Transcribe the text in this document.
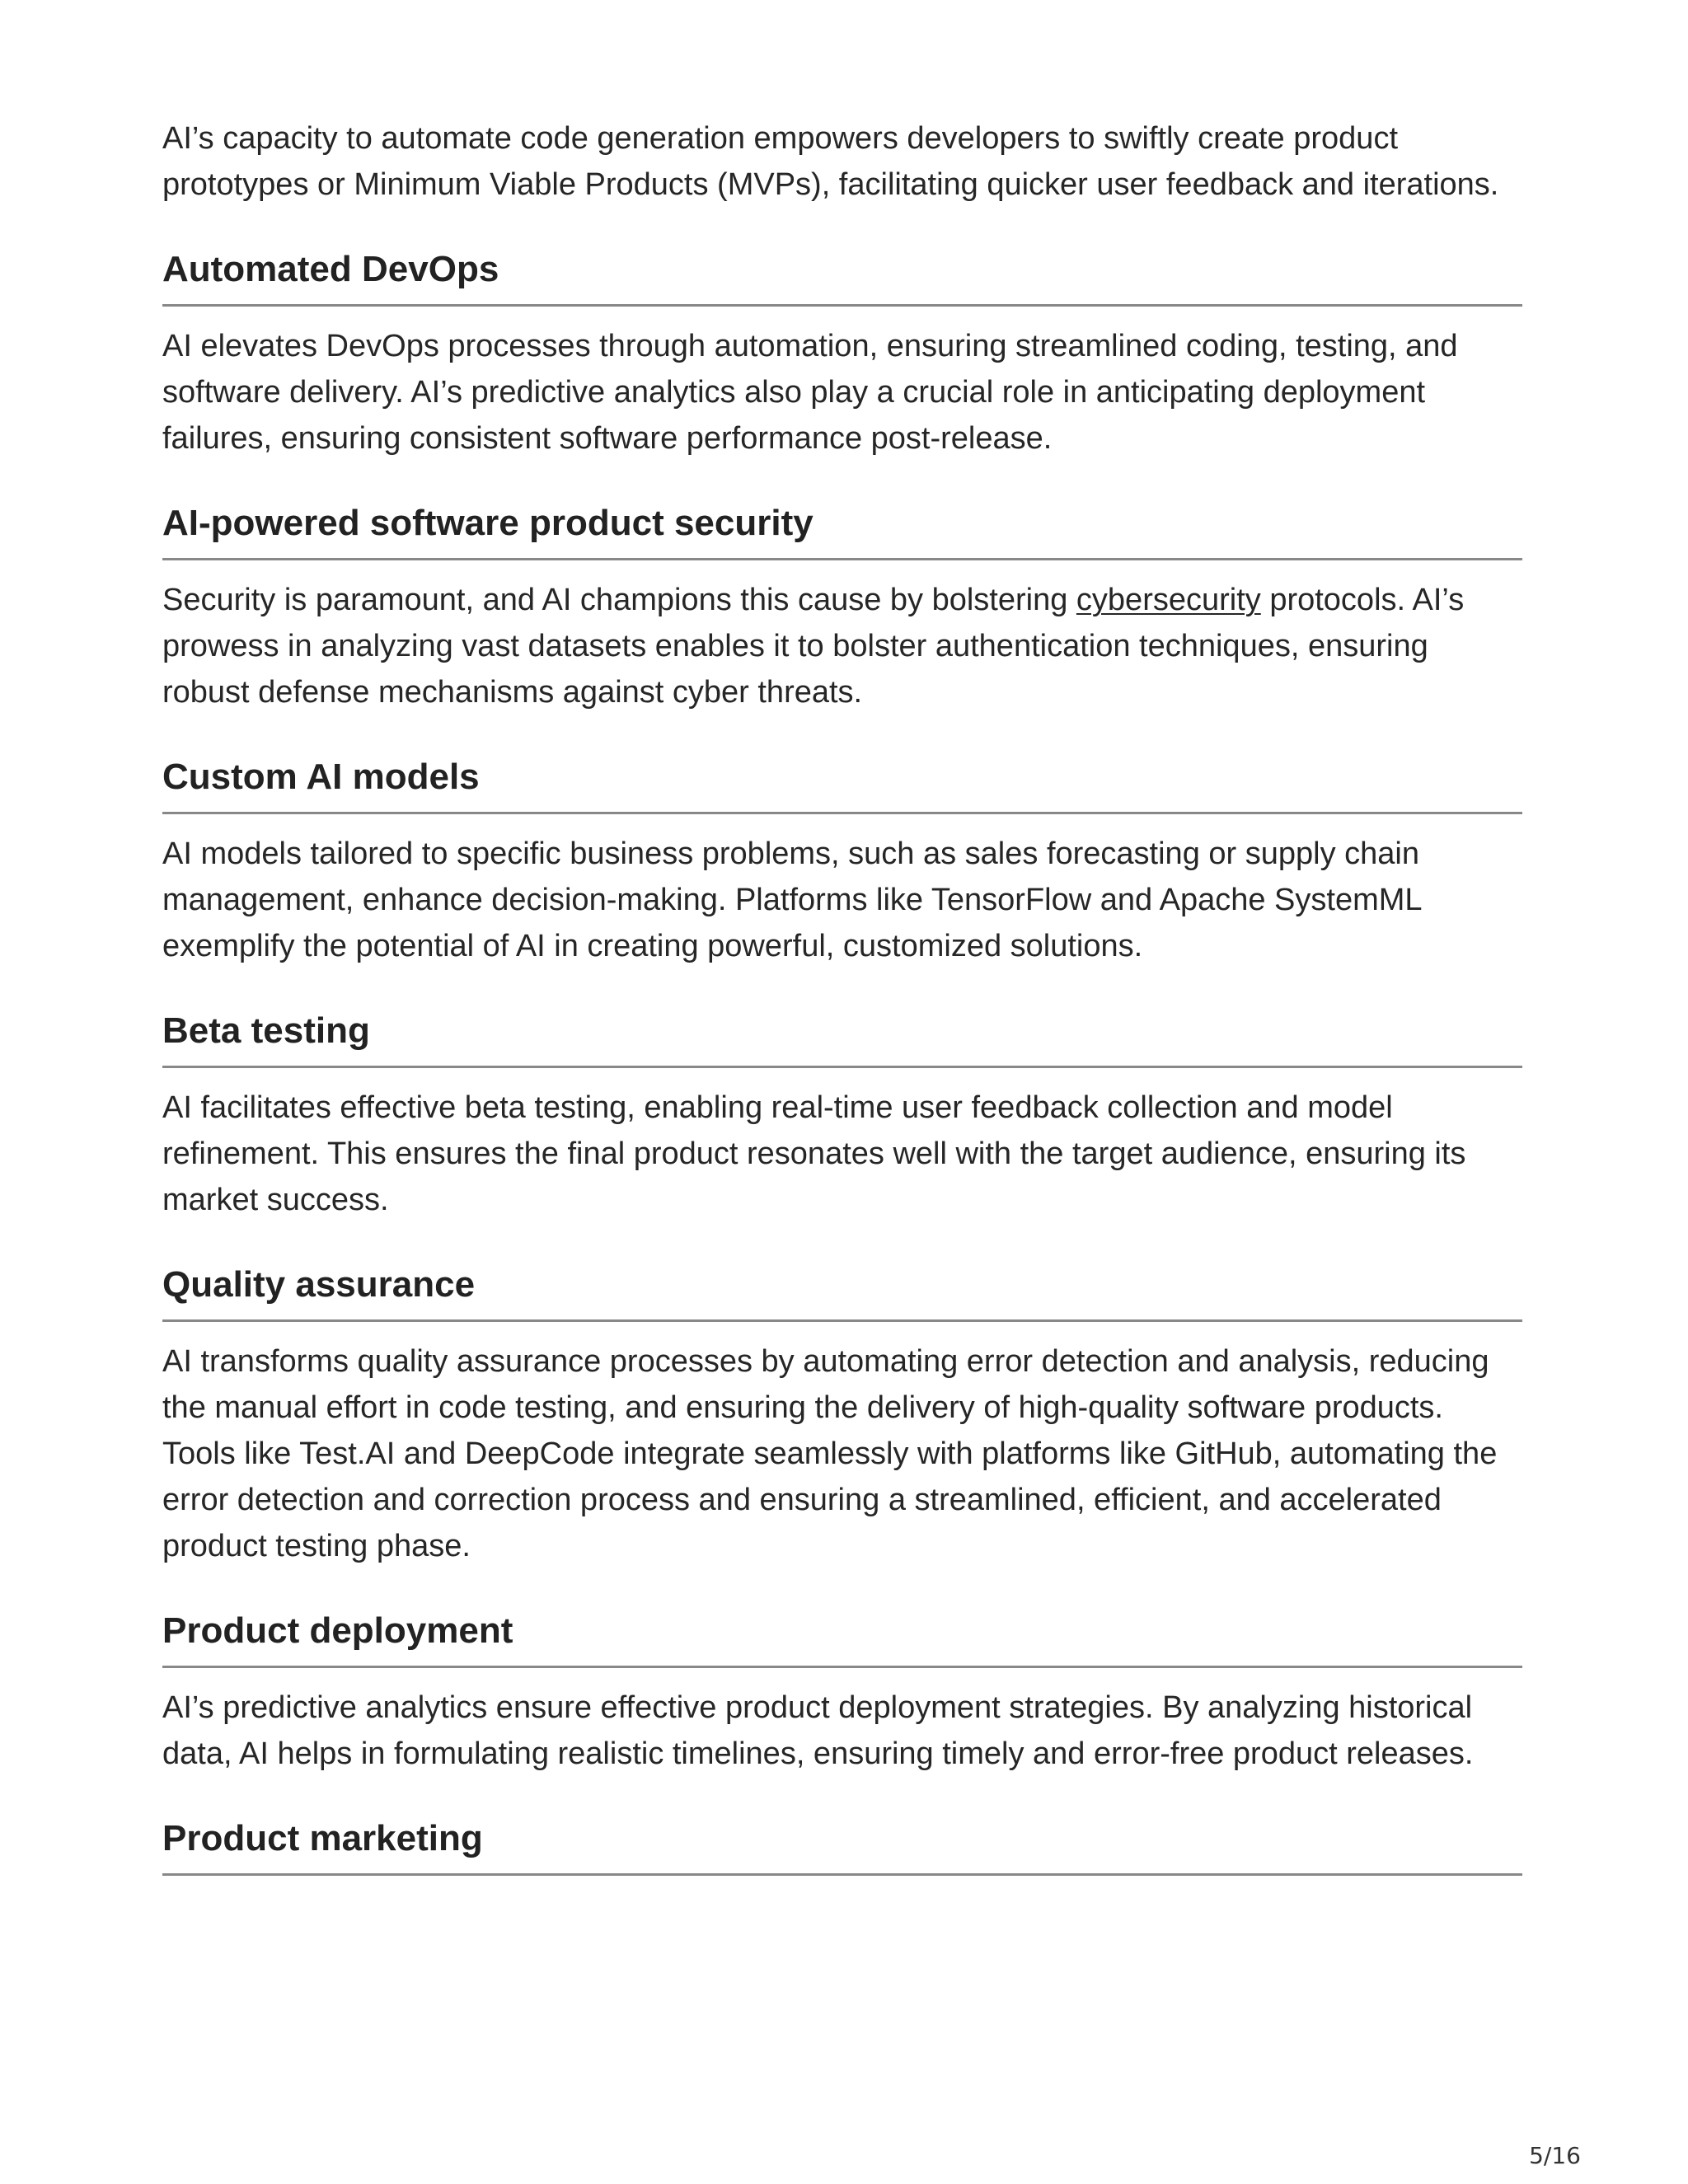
AI’s capacity to automate code generation empowers developers to swiftly create product prototypes or Minimum Viable Products (MVPs), facilitating quicker user feedback and iterations.

Automated DevOps

AI elevates DevOps processes through automation, ensuring streamlined coding, testing, and software delivery. AI’s predictive analytics also play a crucial role in anticipating deployment failures, ensuring consistent software performance post-release.

AI-powered software product security

Security is paramount, and AI champions this cause by bolstering cybersecurity protocols. AI’s prowess in analyzing vast datasets enables it to bolster authentication techniques, ensuring robust defense mechanisms against cyber threats.

Custom AI models

AI models tailored to specific business problems, such as sales forecasting or supply chain management, enhance decision-making. Platforms like TensorFlow and Apache SystemML exemplify the potential of AI in creating powerful, customized solutions.

Beta testing

AI facilitates effective beta testing, enabling real-time user feedback collection and model refinement. This ensures the final product resonates well with the target audience, ensuring its market success.

Quality assurance

AI transforms quality assurance processes by automating error detection and analysis, reducing the manual effort in code testing, and ensuring the delivery of high-quality software products. Tools like Test.AI and DeepCode integrate seamlessly with platforms like GitHub, automating the error detection and correction process and ensuring a streamlined, efficient, and accelerated product testing phase.

Product deployment

AI’s predictive analytics ensure effective product deployment strategies. By analyzing historical data, AI helps in formulating realistic timelines, ensuring timely and error-free product releases.

Product marketing
5/16
